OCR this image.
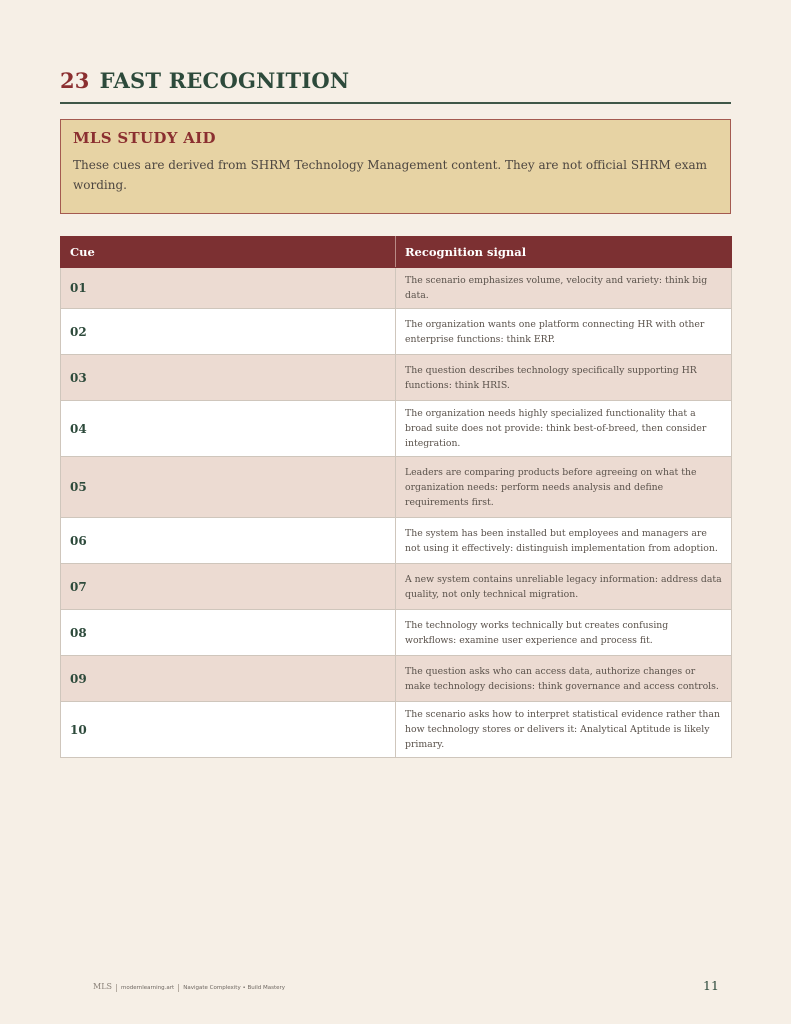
23 FAST RECOGNITION
MLS STUDY AID
These cues are derived from SHRM Technology Management content. They are not official SHRM exam wording.
Cue	Recognition signal
01	The scenario emphasizes volume, velocity and variety: think big data.
02	The organization wants one platform connecting HR with other enterprise functions: think ERP.
03	The question describes technology specifically supporting HR functions: think HRIS.
04	The organization needs highly specialized functionality that a broad suite does not provide: think best-of-breed, then consider integration.
05	Leaders are comparing products before agreeing on what the organization needs: perform needs analysis and define requirements first.
06	The system has been installed but employees and managers are not using it effectively: distinguish implementation from adoption.
07	A new system contains unreliable legacy information: address data quality, not only technical migration.
08	The technology works technically but creates confusing workflows: examine user experience and process fit.
09	The question asks who can access data, authorize changes or make technology decisions: think governance and access controls.
10	The scenario asks how to interpret statistical evidence rather than how technology stores or delivers it: Analytical Aptitude is likely primary.
MLS modernlearning.art Navigate Complexity • Build Mastery	11
